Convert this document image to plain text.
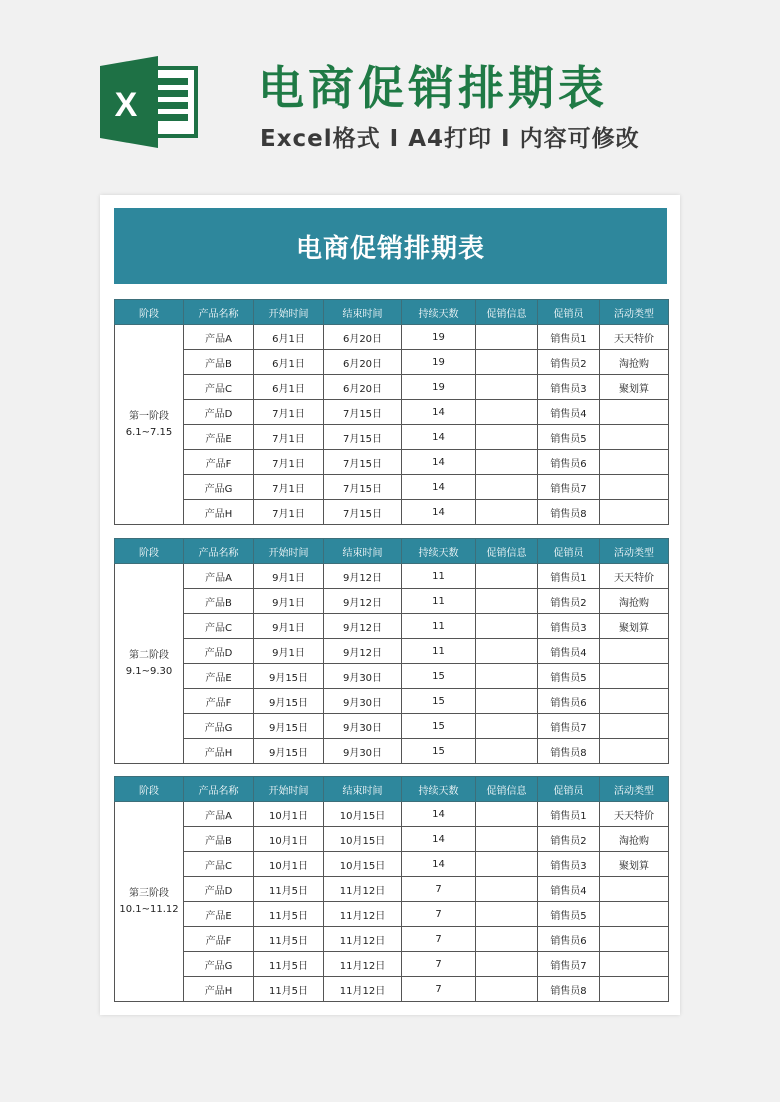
X	电商促销排期表
Excel格式 I A4打印 I 内容可修改
电商促销排期表
阶段	产品名称	开始时间	结束时间	持续天数	促销信息	促销员	活动类型

第一阶段
6.1~7.15	产品A	6月1日	6月20日	19		销售员1	天天特价
	产品B	6月1日	6月20日	19		销售员2	淘抢购
	产品C	6月1日	6月20日	19		销售员3	聚划算
	产品D	7月1日	7月15日	14		销售员4	
	产品E	7月1日	7月15日	14		销售员5	
	产品F	7月1日	7月15日	14		销售员6	
	产品G	7月1日	7月15日	14		销售员7	
	产品H	7月1日	7月15日	14		销售员8	
阶段	产品名称	开始时间	结束时间	持续天数	促销信息	促销员	活动类型

第二阶段
9.1~9.30	产品A	9月1日	9月12日	11		销售员1	天天特价
	产品B	9月1日	9月12日	11		销售员2	淘抢购
	产品C	9月1日	9月12日	11		销售员3	聚划算
	产品D	9月1日	9月12日	11		销售员4	
	产品E	9月15日	9月30日	15		销售员5	
	产品F	9月15日	9月30日	15		销售员6	
	产品G	9月15日	9月30日	15		销售员7	
	产品H	9月15日	9月30日	15		销售员8	
阶段	产品名称	开始时间	结束时间	持续天数	促销信息	促销员	活动类型

第三阶段
10.1~11.12	产品A	10月1日	10月15日	14		销售员1	天天特价
	产品B	10月1日	10月15日	14		销售员2	淘抢购
	产品C	10月1日	10月15日	14		销售员3	聚划算
	产品D	11月5日	11月12日	7		销售员4	
	产品E	11月5日	11月12日	7		销售员5	
	产品F	11月5日	11月12日	7		销售员6	
	产品G	11月5日	11月12日	7		销售员7	
	产品H	11月5日	11月12日	7		销售员8	
